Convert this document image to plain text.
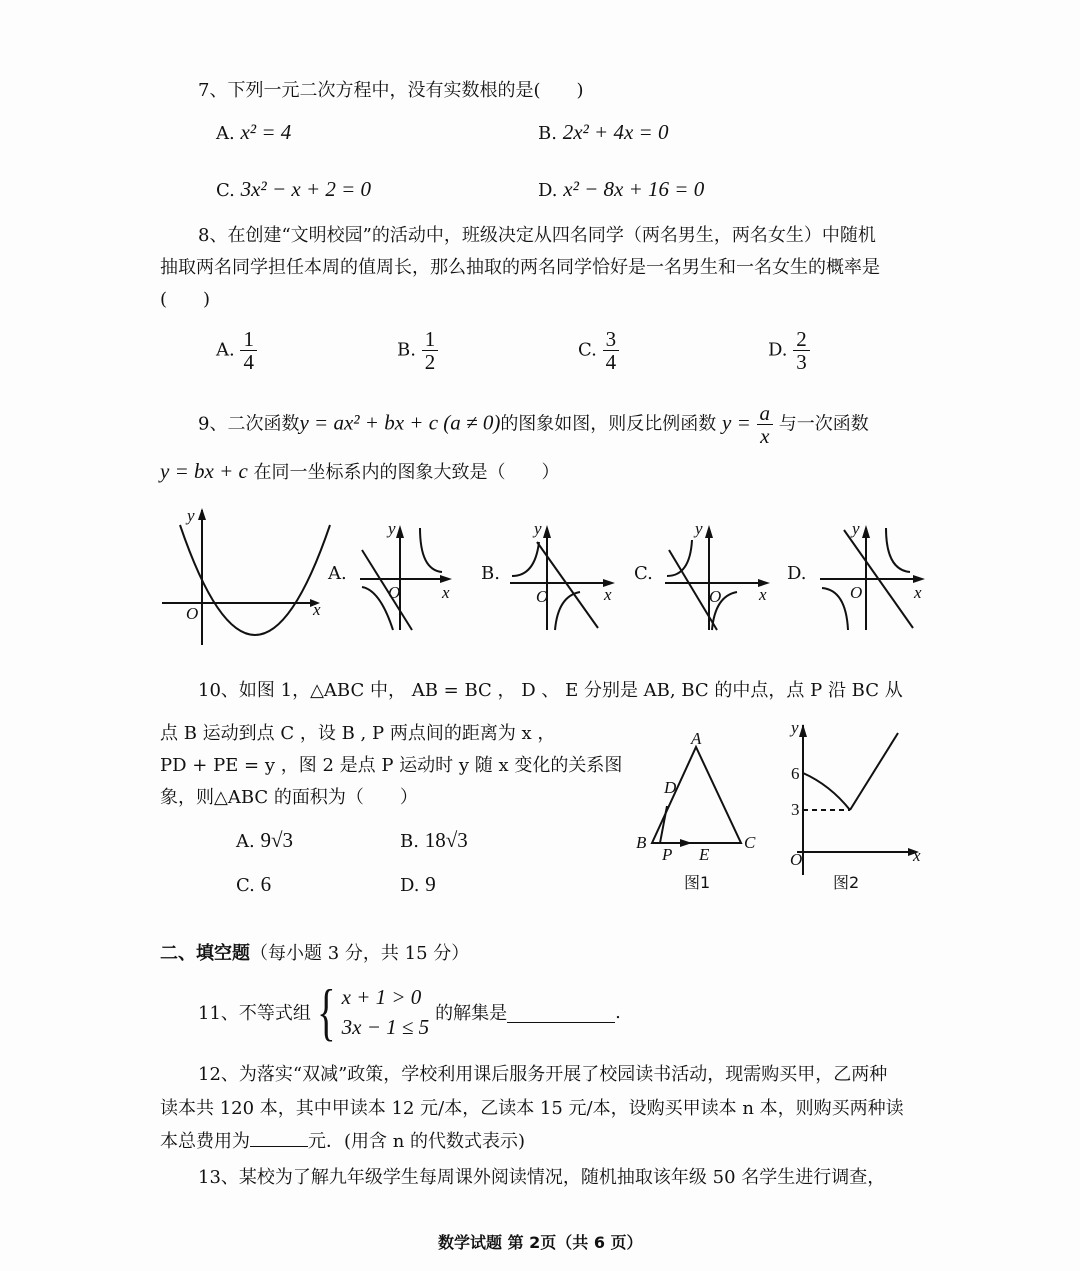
7、下列一元二次方程中，没有实数根的是(　　)
A. x² = 4	B. 2x² + 4x = 0
C. 3x² − x + 2 = 0	D. x² − 8x + 16 = 0
8、在创建“文明校园”的活动中，班级决定从四名同学（两名男生，两名女生）中随机
抽取两名同学担任本周的值周长，那么抽取的两名同学恰好是一名男生和一名女生的概率是
(　　)
A. $\frac{1}{4}$	B. $\frac{1}{2}$	C. $\frac{3}{4}$	D. $\frac{2}{3}$
9、二次函数y = ax² + bx + c (a ≠ 0)的图象如图，则反比例函数 $y = \frac{a}{x}$ 与一次函数
y = bx + c 在同一坐标系内的图象大致是（　　）
y
O	x
A.	B.	C.	D.
y
O x
y
O	x
y
O x
y
O	x
10、如图 1，△ABC 中， AB = BC ， D 、 E 分别是 AB, BC 的中点，点 P 沿 BC 从
点 B 运动到点 C ，设 B , P 两点间的距离为 x ，
PD + PE = y ，图 2 是点 P 运动时 y 随 x 变化的关系图
象，则△ABC 的面积为（　　）
A. 9√3	B. 18√3
C. 6	D. 9
A
B	C
D
E
P
图1
y
6
3
O	x
图2
二、填空题（每小题 3 分，共 15 分）
11、不等式组 { x + 1 > 0
3x − 1 ≤ 5
的解集是	.
12、为落实“双减”政策，学校利用课后服务开展了校园读书活动，现需购买甲，乙两种
读本共 120 本，其中甲读本 12 元/本，乙读本 15 元/本，设购买甲读本 n 本，则购买两种读
本总费用为	元．(用含 n 的代数式表示)
13、某校为了解九年级学生每周课外阅读情况，随机抽取该年级 50 名学生进行调查，
数学试题 第 2页（共 6 页）
